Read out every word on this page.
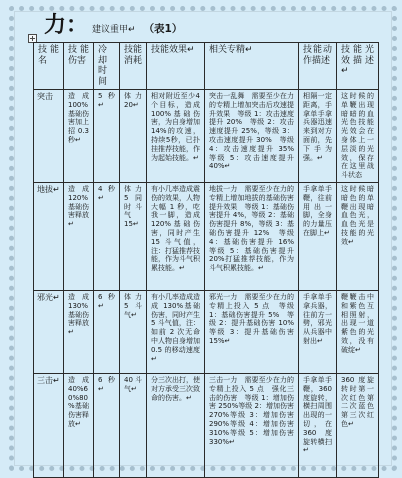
力： 建议重甲↵ （表1）
技能名	技能伤害	冷却时间	技能消耗	技能效果↵	相关专精↵	技能动作描述	技能光效描述↵
突击	造成100%基础伤害加上招0.3秒↵	5秒↵	体力20↵	相对附近至少4个目标，造成100%基础伤害，为自身增加14%的攻速，持续5秒，已扑挂推荐技能，作为起始技能。↵	突击一乱舞　需要至少在力的专精上增加突击后攻速提升效果　等级 1：攻击速度提升 20%　等级 2：攻击速度提升 25%，等级 3：攻击速度提升 30%　等级 4：攻击速度提升 35%　等级 5：攻击速度提升 40%↵	相隔一定距离，手拿单手拿兵器迅速来到对方面前，先下手为强。↵	这时候的单鞭出现暗暗的血光色技能光效会在身体上一层淡的光效，保存在这里战斗状态
地拔↵	造成120%基础伤害释放↵	4秒↵	体力5同时斗气15↵	有小几率造成震伤的效果，人物大幅 1 秒，吃我一脚，造成120%基础伤害，同时产生 15 斗气值，注：打猛推荐技能，作为斗气积累技能。↵	地拔一力　需要至少在力的专精上增加地拔的基础伤害提升效果　等级 1：基础伤害提升 4%，等级 2：基础伤害提升 8%，等级 3：基础伤害提升 12%　等级 4：基础伤害提升 16%　等级 5：基础伤害提升 20%打猛推荐技能，作为斗气积累技能。↵	手拿单手鞭，往前用出一脚，全身的力量压在脚上↵	这时候暗暗色的单鞭出现暗血色光，血色光是技能的光效↵
邪光↵	造成130%基础伤害释放↵	6秒↵	体力5斗气↵	有小几率造成造成 130%基础伤害，同时产生 5 斗气值，注：如前 2 次无命中人物自身增加 0.5 的移动速度↵	邪光一力　需要至少在力的专精上投入 5 点　等级 1：基础伤害提升 5%　等级 2：提升基础伤害 10%　等级 3：提升基础伤害 15%↵	手拿单手拿兵器，往前方一劈，邪光从兵器中射出↵	鞭鞭击中和紫色互相照射，出现一道紫色的光效，没有破绽↵
三击↵	造成40%60%80%基础伤害释放↵	6秒↵	40斗气↵	分三次出打，使对方承受三次致命的伤害。↵	三击一力　需要至少在力的专精上投入 5 点　强化三击的伤害　等级 1：增加伤害 250%等级 2：增加伤害 270%等级 3：增加伤害 290%等级 4：增加伤害 310%等级 5：增加伤害 330%↵	手拿单手鞭，360 度旋转，横扫周围出现的一切，在 360 度旋转横扫↵	360 度旋转时第一次红色第二次蓝色第三次红色↵
